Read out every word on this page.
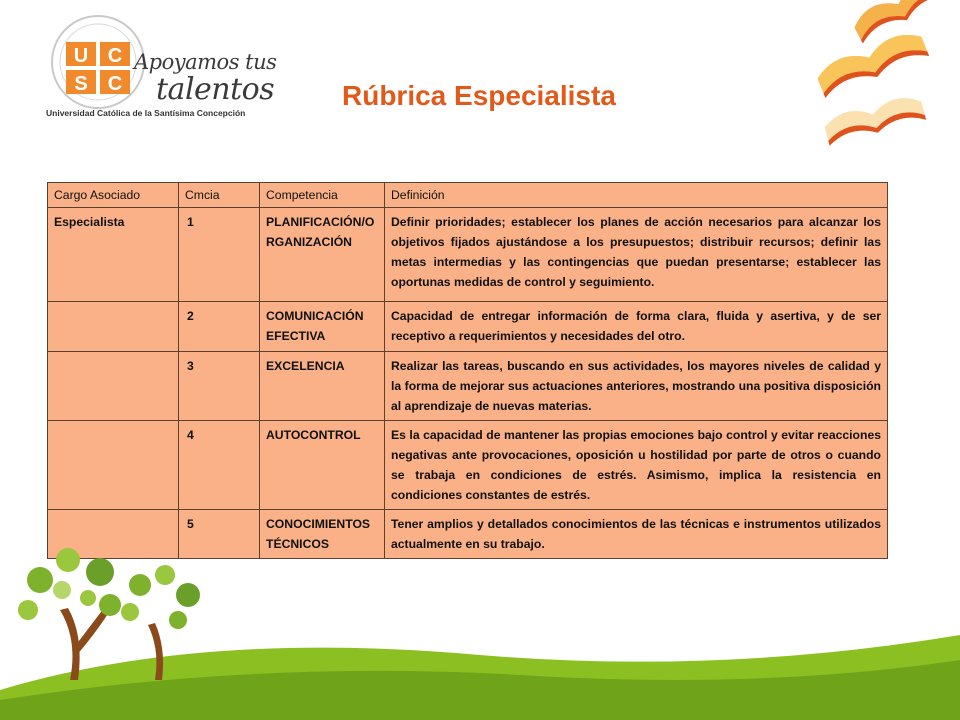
U C
S C
Apoyamos tus
talentos
Universidad Católica de la Santísima Concepción
Rúbrica Especialista
Cargo Asociado	Cmcia	Competencia	Definición
Especialista	1	PLANIFICACIÓN/ORGANIZACIÓN	Definir prioridades; establecer los planes de acción necesarios para alcanzar los objetivos fijados ajustándose a los presupuestos; distribuir recursos; definir las metas intermedias y las contingencias que puedan presentarse; establecer las oportunas medidas de control y seguimiento.
	2	COMUNICACIÓN EFECTIVA	Capacidad de entregar información de forma clara, fluida y asertiva, y de ser receptivo a requerimientos y necesidades del otro.
	3	EXCELENCIA	Realizar las tareas, buscando en sus actividades, los mayores niveles de calidad y la forma de mejorar sus actuaciones anteriores, mostrando una positiva disposición al aprendizaje de nuevas materias.
	4	AUTOCONTROL	Es la capacidad de mantener las propias emociones bajo control y evitar reacciones negativas ante provocaciones, oposición u hostilidad por parte de otros o cuando se trabaja en condiciones de estrés. Asimismo, implica la resistencia en condiciones constantes de estrés.
	5	CONOCIMIENTOS TÉCNICOS	Tener amplios y detallados conocimientos de las técnicas e instrumentos utilizados actualmente en su trabajo.
